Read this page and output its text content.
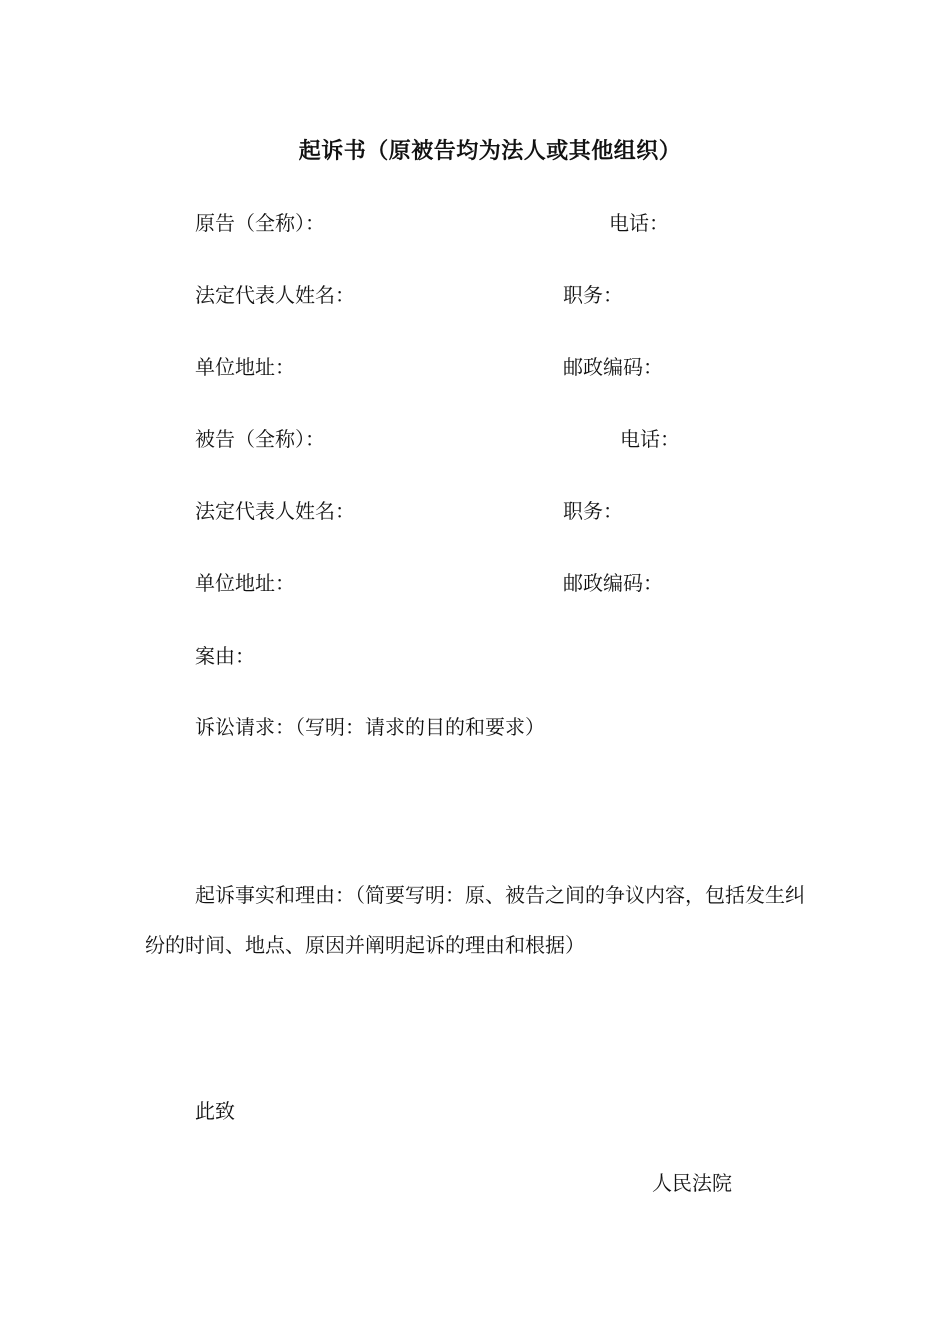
起诉书（原被告均为法人或其他组织）
原告（全称）：	电话：
法定代表人姓名：	职务：
单位地址：	邮政编码：
被告（全称）：	电话：
法定代表人姓名：	职务：
单位地址：	邮政编码：
案由：
诉讼请求：（写明：请求的目的和要求）
起诉事实和理由：（简要写明：原、被告之间的争议内容，包括发生纠纷的时间、地点、原因并阐明起诉的理由和根据）
此致
人民法院
